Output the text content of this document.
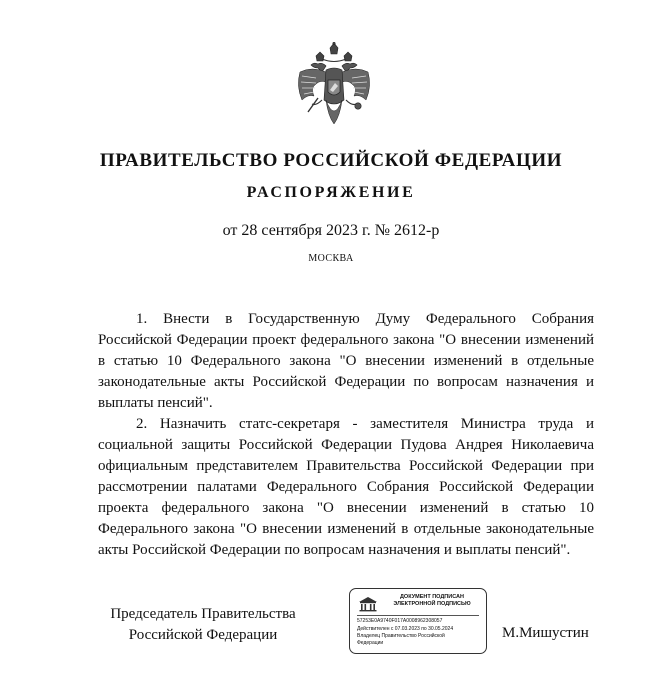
ПРАВИТЕЛЬСТВО РОССИЙСКОЙ ФЕДЕРАЦИИ
РАСПОРЯЖЕНИЕ

от 28 сентября 2023 г. № 2612-р

МОСКВА

1. Внести в Государственную Думу Федерального Собрания Российской Федерации проект федерального закона "О внесении изменений в статью 10 Федерального закона "О внесении изменений в отдельные законодательные акты Российской Федерации по вопросам назначения и выплаты пенсий".

2. Назначить статс-секретаря - заместителя Министра труда и социальной защиты Российской Федерации Пудова Андрея Николаевича официальным представителем Правительства Российской Федерации при рассмотрении палатами Федерального Собрания Российской Федерации проекта федерального закона "О внесении изменений в статью 10 Федерального закона "О внесении изменений в отдельные законодательные акты Российской Федерации по вопросам назначения и выплаты пенсий".

Председатель Правительства Российской Федерации

ДОКУМЕНТ ПОДПИСАН ЭЛЕКТРОННОЙ ПОДПИСЬЮ
57253E0A9740F017A0008962308057
Действителен с 07.03.2023 по 30.05.2024
Владелец Правительство Российской
Федерации

М.Мишустин
